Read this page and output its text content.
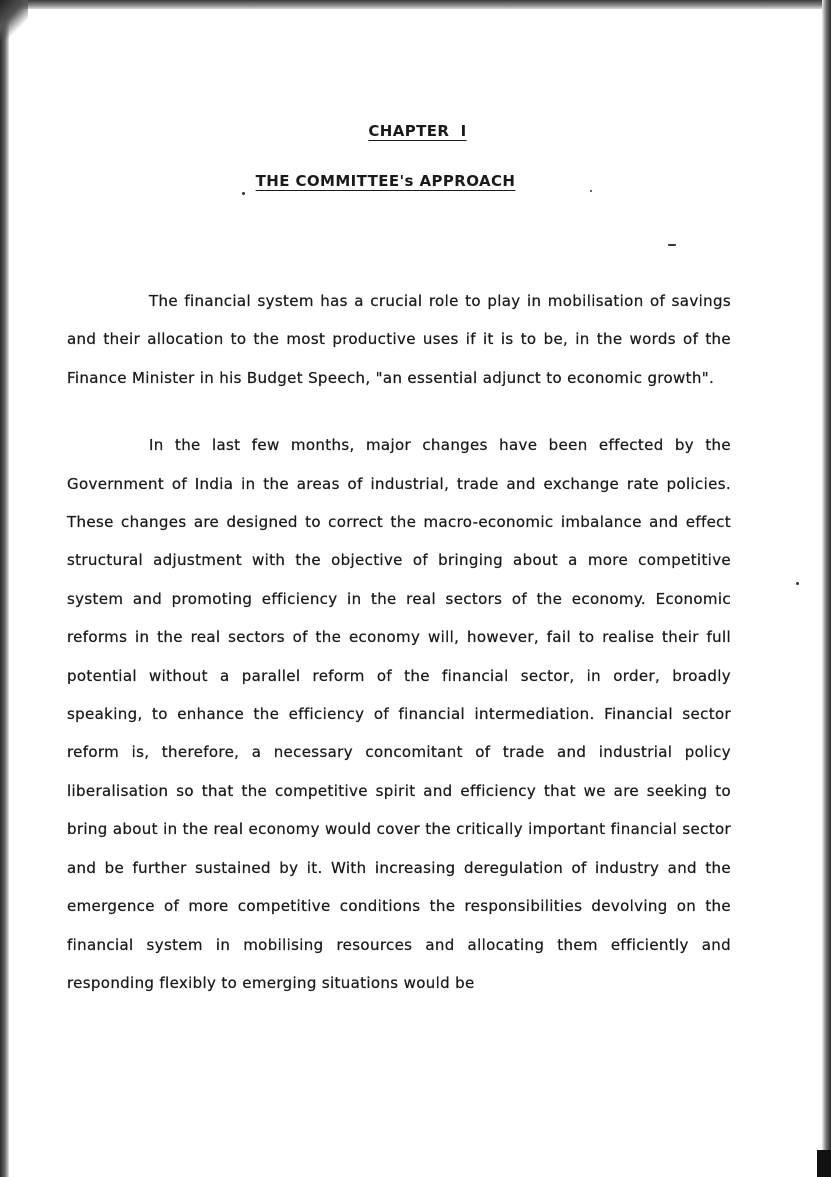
CHAPTER  I
THE COMMITTEE's APPROACH

The financial system has a crucial role to play in mobilisation of savings and their allocation to the most productive uses if it is to be, in the words of the Finance Minister in his Budget Speech, "an essential adjunct to economic growth".

In the last few months, major changes have been effected by the Government of India in the areas of industrial, trade and exchange rate policies. These changes are designed to correct the macro-economic imbalance and effect structural adjustment with the objective of bringing about a more competitive system and promoting efficiency in the real sectors of the economy. Economic reforms in the real sectors of the economy will, however, fail to realise their full potential without a parallel reform of the financial sector, in order, broadly speaking, to enhance the efficiency of financial intermediation. Financial sector reform is, therefore, a necessary concomitant of trade and industrial policy liberalisation so that the competitive spirit and efficiency that we are seeking to bring about in the real economy would cover the critically important financial sector and be further sustained by it. With increasing deregulation of industry and the emergence of more competitive conditions the responsibilities devolving on the financial system in mobilising resources and allocating them efficiently and responding flexibly to emerging situations would be
